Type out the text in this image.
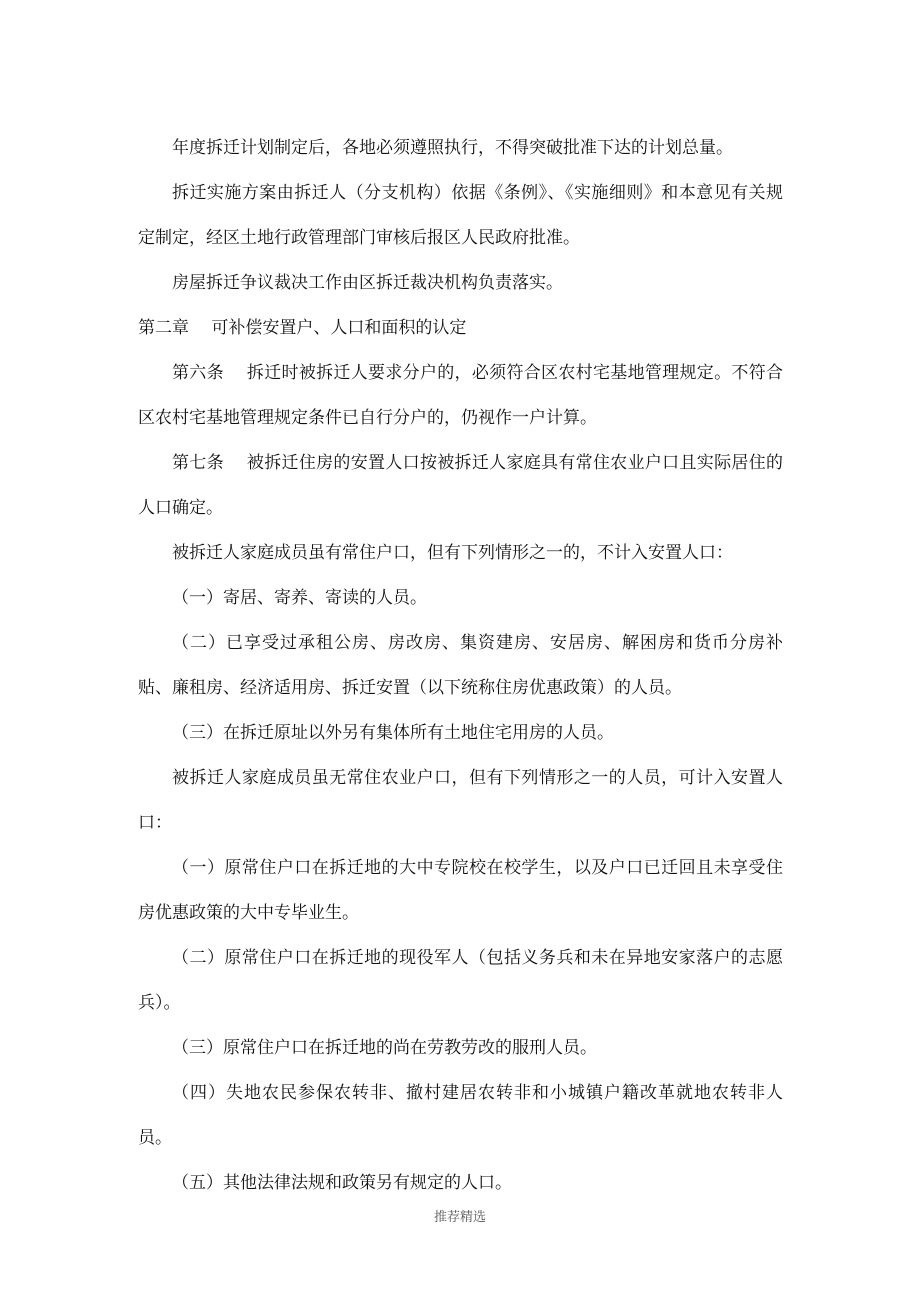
年度拆迁计划制定后，各地必须遵照执行，不得突破批准下达的计划总量。

拆迁实施方案由拆迁人（分支机构）依据《条例》、《实施细则》和本意见有关规定制定，经区土地行政管理部门审核后报区人民政府批准。

房屋拆迁争议裁决工作由区拆迁裁决机构负责落实。

第二章　 可补偿安置户、人口和面积的认定

第六条　 拆迁时被拆迁人要求分户的，必须符合区农村宅基地管理规定。不符合区农村宅基地管理规定条件已自行分户的，仍视作一户计算。

第七条　 被拆迁住房的安置人口按被拆迁人家庭具有常住农业户口且实际居住的人口确定。

被拆迁人家庭成员虽有常住户口，但有下列情形之一的，不计入安置人口：

（一）寄居、寄养、寄读的人员。

（二）已享受过承租公房、房改房、集资建房、安居房、解困房和货币分房补贴、廉租房、经济适用房、拆迁安置（以下统称住房优惠政策）的人员。

（三）在拆迁原址以外另有集体所有土地住宅用房的人员。

被拆迁人家庭成员虽无常住农业户口，但有下列情形之一的人员，可计入安置人口：

（一）原常住户口在拆迁地的大中专院校在校学生，以及户口已迁回且未享受住房优惠政策的大中专毕业生。

（二）原常住户口在拆迁地的现役军人（包括义务兵和未在异地安家落户的志愿兵）。

（三）原常住户口在拆迁地的尚在劳教劳改的服刑人员。

（四）失地农民参保农转非、撤村建居农转非和小城镇户籍改革就地农转非人员。

（五）其他法律法规和政策另有规定的人口。

推荐精选
